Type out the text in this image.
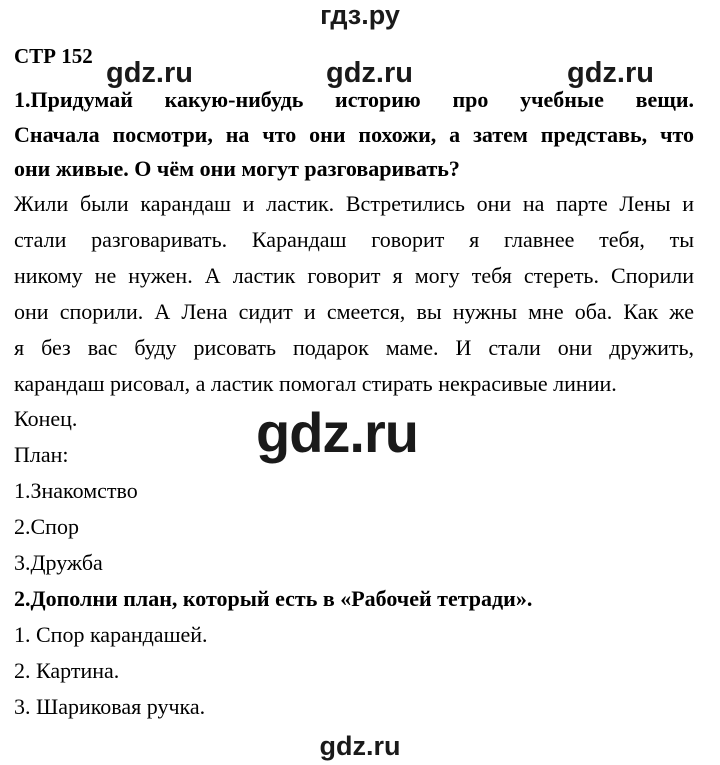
гдз.ру
СТР 152
gdz.ru	gdz.ru	gdz.ru
1.Придумай какую-нибудь историю про учебные вещи.
Сначала посмотри, на что они похожи, а затем представь, что
они живые. О чём они могут разговаривать?
Жили были карандаш и ластик. Встретились они на парте Лены и
стали разговаривать. Карандаш говорит я главнее тебя, ты
никому не нужен. А ластик говорит я могу тебя стереть. Спорили
они спорили. А Лена сидит и смеется, вы нужны мне оба. Как же
я без вас буду рисовать подарок маме. И стали они дружить,
карандаш рисовал, а ластик помогал стирать некрасивые линии.
Конец.	gdz.ru
План:
1.Знакомство
2.Спор
3.Дружба
2.Дополни план, который есть в «Рабочей тетради».
1. Спор карандашей.
2. Картина.
3. Шариковая ручка.
gdz.ru
